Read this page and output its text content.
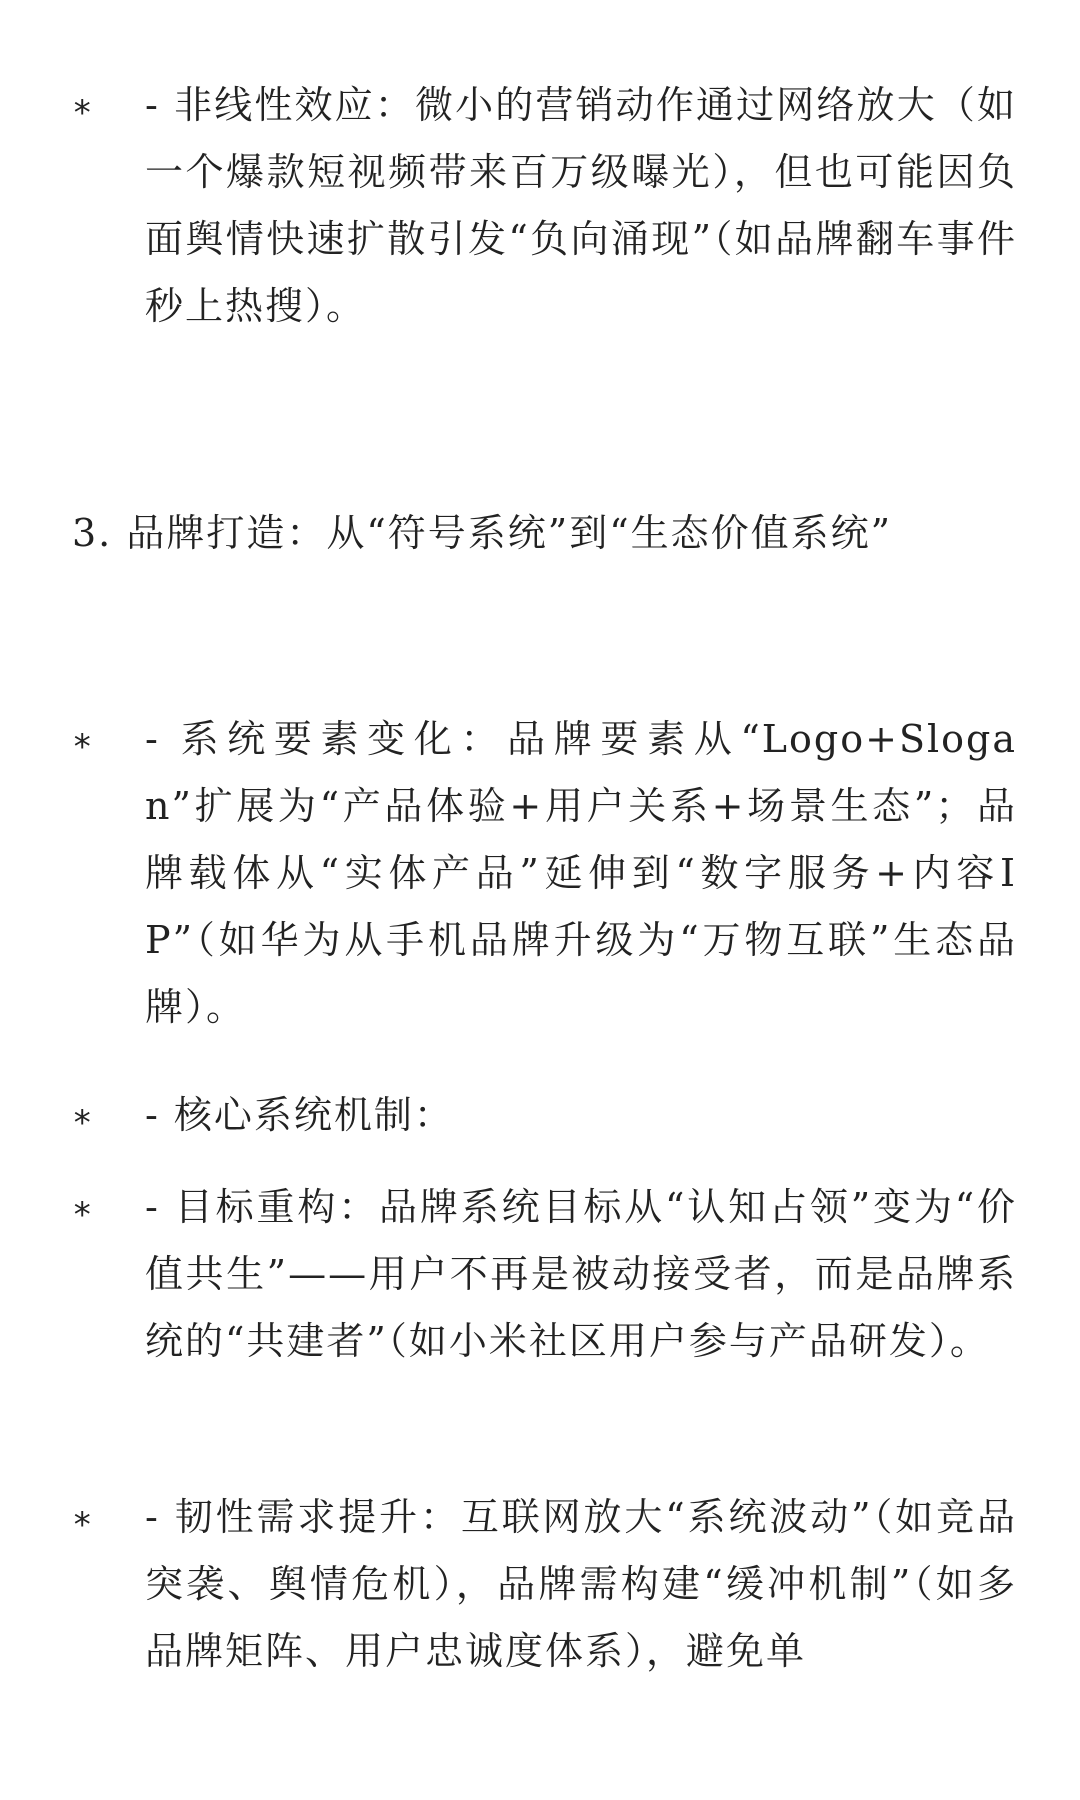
* - 非线性效应：微小的营销动作通过网络放大（如一个爆款短视频带来百万级曝光），但也可能因负面舆情快速扩散引发“负向涌现”（如品牌翻车事件秒上热搜）。
3. 品牌打造：从“符号系统”到“生态价值系统”
* - 系统要素变化：品牌要素从“Logo+Slogan”扩展为“产品体验+用户关系+场景生态”；品牌载体从“实体产品”延伸到“数字服务+内容IP”（如华为从手机品牌升级为“万物互联”生态品牌）。
* - 核心系统机制：
* - 目标重构：品牌系统目标从“认知占领”变为“价值共生”——用户不再是被动接受者，而是品牌系统的“共建者”（如小米社区用户参与产品研发）。
* - 韧性需求提升：互联网放大“系统波动”（如竞品突袭、舆情危机），品牌需构建“缓冲机制”（如多品牌矩阵、用户忠诚度体系），避免单
